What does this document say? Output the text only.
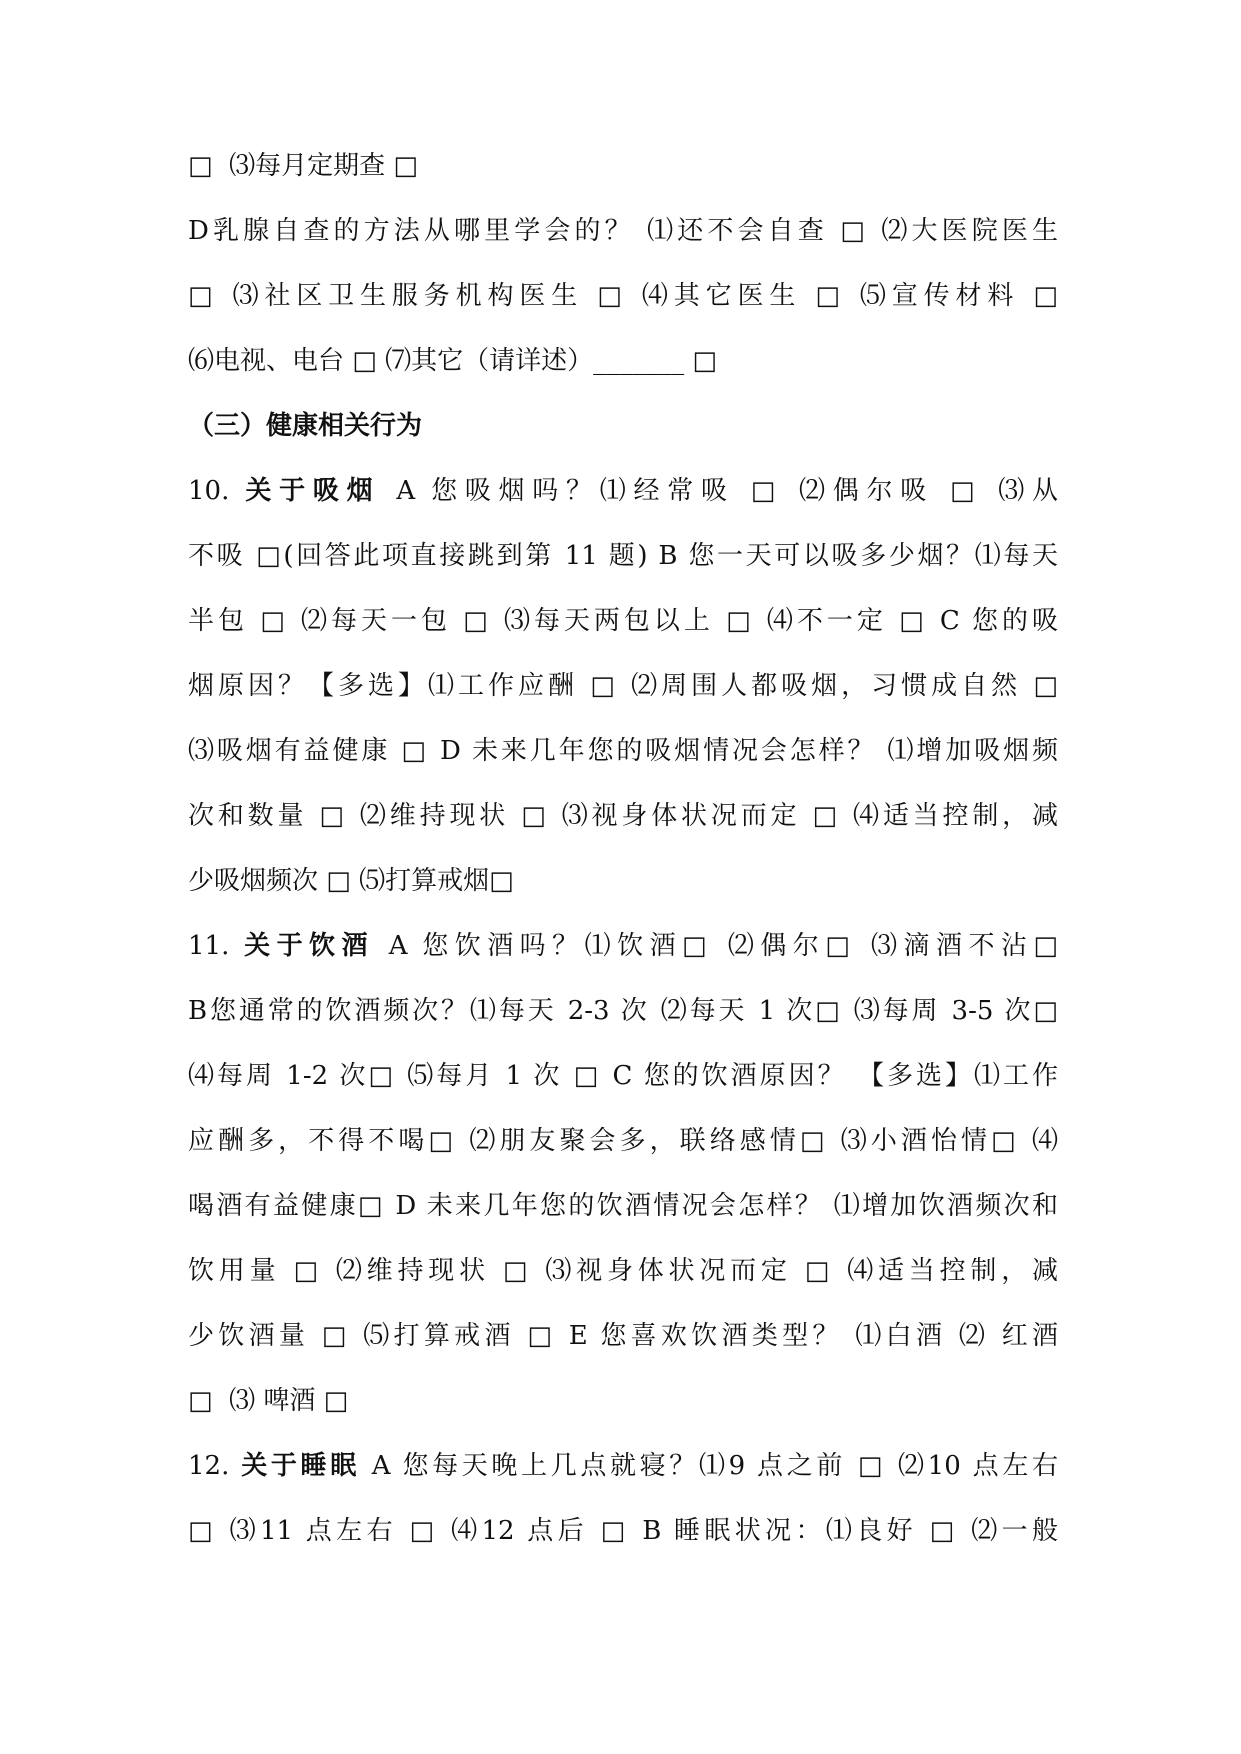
□  ⑶每月定期查 □
D乳腺自查的方法从哪里学会的？ ⑴还不会自查 □ ⑵大医院医生
□ ⑶社区卫生服务机构医生 □ ⑷其它医生 □ ⑸宣传材料 □
⑹电视、电台 □ ⑺其它（请详述）_______ □
（三）健康相关行为
10. 关于吸烟 A 您吸烟吗？⑴经常吸 □ ⑵偶尔吸 □ ⑶从
不吸 □(回答此项直接跳到第 11 题) B 您一天可以吸多少烟？⑴每天
半包 □ ⑵每天一包 □ ⑶每天两包以上 □ ⑷不一定 □ C 您的吸
烟原因？【多选】⑴工作应酬 □ ⑵周围人都吸烟，习惯成自然 □
⑶吸烟有益健康 □ D 未来几年您的吸烟情况会怎样？ ⑴增加吸烟频
次和数量 □ ⑵维持现状 □ ⑶视身体状况而定 □ ⑷适当控制，减
少吸烟频次 □ ⑸打算戒烟□
11. 关于饮酒 A 您饮酒吗？⑴饮酒□ ⑵偶尔□ ⑶滴酒不沾□
B您通常的饮酒频次？⑴每天 2-3 次 ⑵每天 1 次□ ⑶每周 3-5 次□
⑷每周 1-2 次□ ⑸每月 1 次 □ C 您的饮酒原因？ 【多选】⑴工作
应酬多，不得不喝□ ⑵朋友聚会多，联络感情□ ⑶小酒怡情□ ⑷
喝酒有益健康□ D 未来几年您的饮酒情况会怎样？ ⑴增加饮酒频次和
饮用量 □ ⑵维持现状 □ ⑶视身体状况而定 □ ⑷适当控制，减
少饮酒量 □ ⑸打算戒酒 □ E 您喜欢饮酒类型？ ⑴白酒 ⑵ 红酒
□  ⑶ 啤酒 □
12. 关于睡眠 A 您每天晚上几点就寝？⑴9 点之前 □ ⑵10 点左右
□ ⑶11 点左右 □ ⑷12 点后 □ B 睡眠状况：⑴良好 □ ⑵一般
